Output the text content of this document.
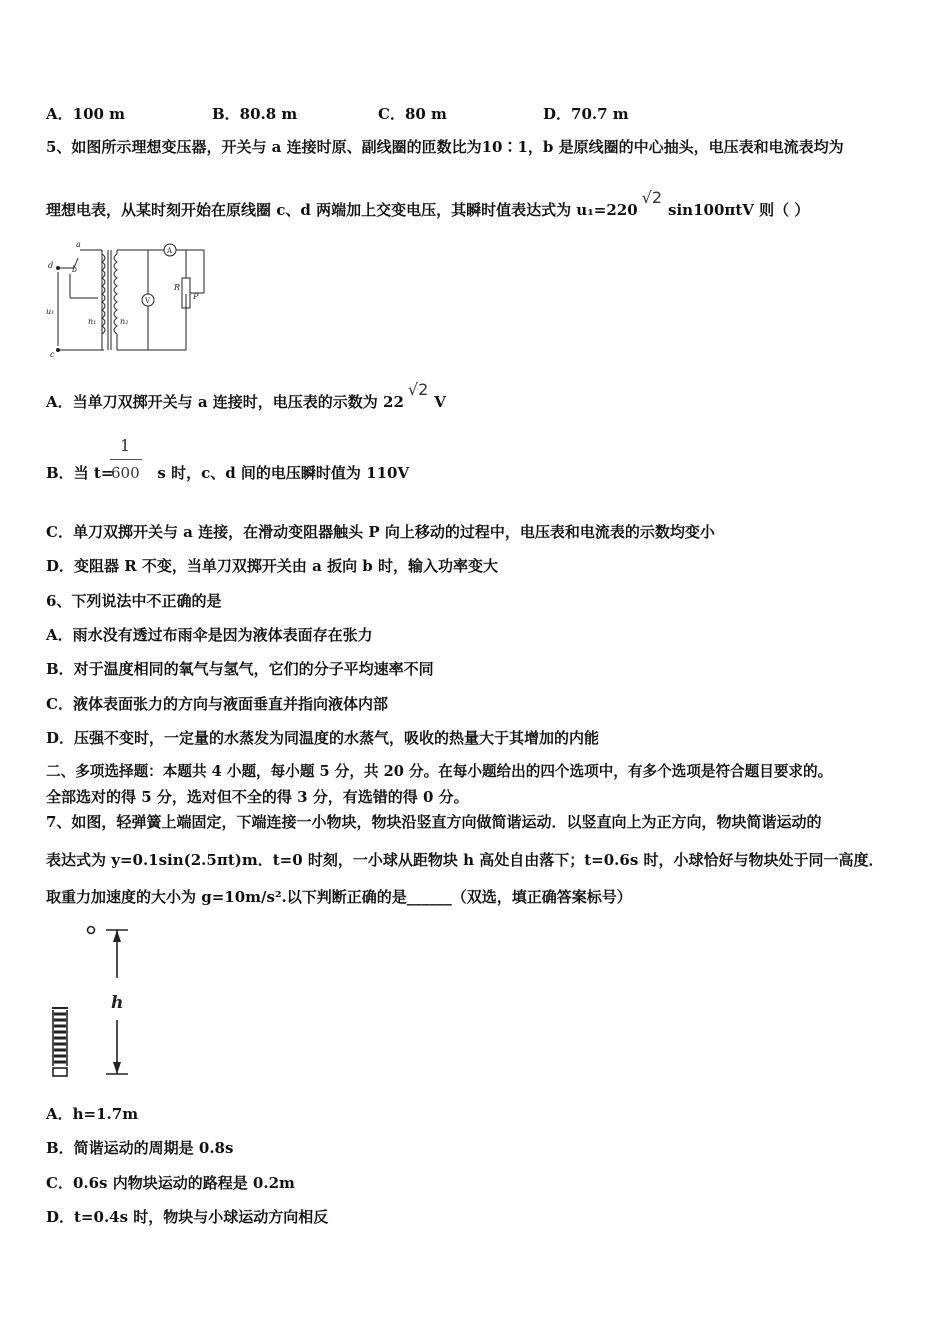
A．100 m	B．80.8 m	C．80 m	D．70.7 m
5、如图所示理想变压器，开关与 a 连接时原、副线圈的匝数比为10∶1，b 是原线圈的中心抽头，电压表和电流表均为
理想电表，从某时刻开始在原线圈 c、d 两端加上交变电压，其瞬时值表达式为 u₁=220√2sin100πtV 则（ ）
a
b
d
c
u₁
n₁	n₂
A
V
R
P
A．当单刀双掷开关与 a 连接时，电压表的示数为 22√2V
B．当 t=	s 时，c、d 间的电压瞬时值为 110V
1
600
C．单刀双掷开关与 a 连接，在滑动变阻器触头 P 向上移动的过程中，电压表和电流表的示数均变小
D．变阻器 R 不变，当单刀双掷开关由 a 扳向 b 时，输入功率变大
6、下列说法中不正确的是
A．雨水没有透过布雨伞是因为液体表面存在张力
B．对于温度相同的氧气与氢气，它们的分子平均速率不同
C．液体表面张力的方向与液面垂直并指向液体内部
D．压强不变时，一定量的水蒸发为同温度的水蒸气，吸收的热量大于其增加的内能
二、多项选择题：本题共 4 小题，每小题 5 分，共 20 分。在每小题给出的四个选项中，有多个选项是符合题目要求的。
全部选对的得 5 分，选对但不全的得 3 分，有选错的得 0 分。
7、如图，轻弹簧上端固定，下端连接一小物块，物块沿竖直方向做简谐运动．以竖直向上为正方向，物块简谐运动的
表达式为 y=0.1sin(2.5πt)m．t=0 时刻，一小球从距物块 h 高处自由落下；t=0.6s 时，小球恰好与物块处于同一高度．
取重力加速度的大小为 g=10m/s².以下判断正确的是______（双选，填正确答案标号）
h
A．h=1.7m
B．简谐运动的周期是 0.8s
C．0.6s 内物块运动的路程是 0.2m
D．t=0.4s 时，物块与小球运动方向相反
